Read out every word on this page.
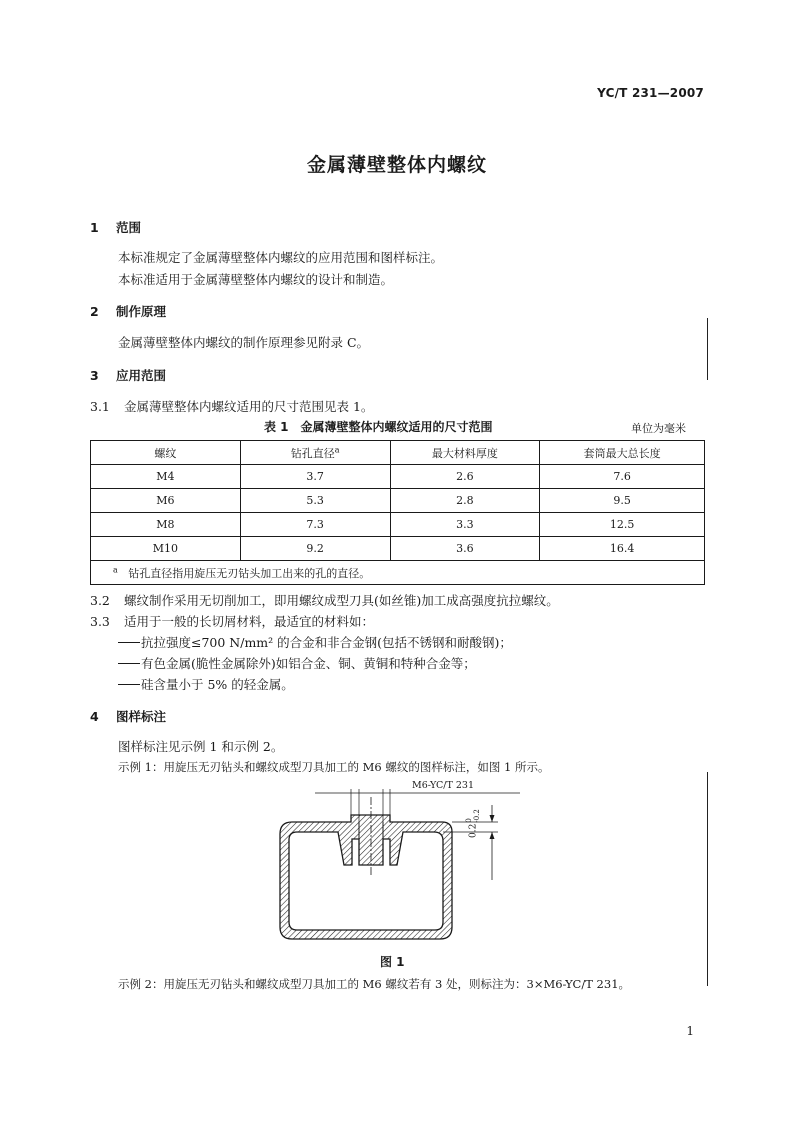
YC/T 231—2007
金属薄壁整体内螺纹
1 范围
本标准规定了金属薄壁整体内螺纹的应用范围和图样标注。
本标准适用于金属薄壁整体内螺纹的设计和制造。
2 制作原理
金属薄壁整体内螺纹的制作原理参见附录 C。
3 应用范围
3.1 金属薄壁整体内螺纹适用的尺寸范围见表 1。
表 1　金属薄壁整体内螺纹适用的尺寸范围	单位为毫米
螺纹	钻孔直径$^a$	最大材料厚度	套筒最大总长度
M4	3.7	2.6	7.6
M6	5.3	2.8	9.5
M8	7.3	3.3	12.5
M10	9.2	3.6	16.4
$^a$ 钻孔直径指用旋压无刃钻头加工出来的孔的直径。			
3.2 螺纹制作采用无切削加工，即用螺纹成型刀具(如丝锥)加工成高强度抗拉螺纹。
3.3 适用于一般的长切屑材料，最适宜的材料如：
抗拉强度≤700 N/mm² 的合金和非合金钢(包括不锈钢和耐酸钢)；
有色金属(脆性金属除外)如铝合金、铜、黄铜和特种合金等；
硅含量小于 5% 的轻金属。
4 图样标注
图样标注见示例 1 和示例 2。
示例 1：用旋压无刃钻头和螺纹成型刀具加工的 M6 螺纹的图样标注，如图 1 所示。
M6-YC/T 231
0.2
0 -0.2
图 1
示例 2：用旋压无刃钻头和螺纹成型刀具加工的 M6 螺纹若有 3 处，则标注为：3×M6-YC/T 231。
1
